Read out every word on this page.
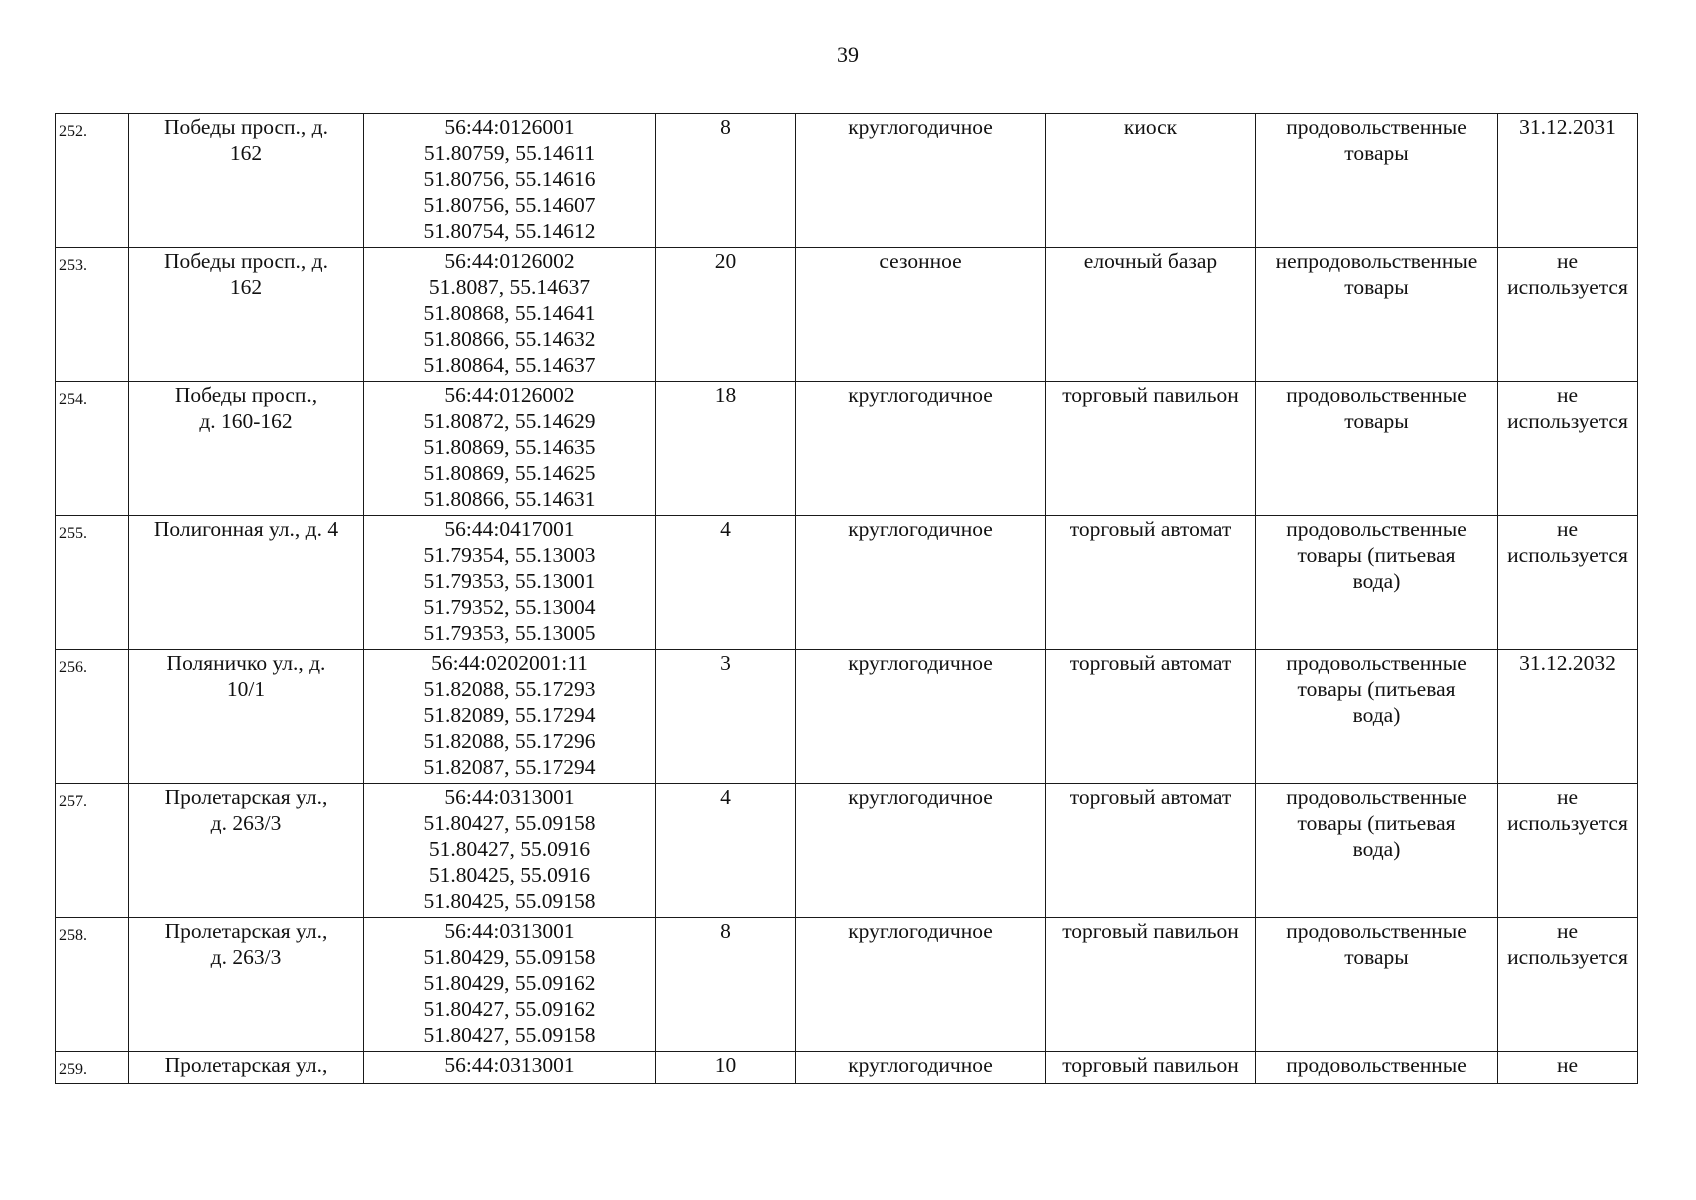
39
252.	Победы просп., д.
162	56:44:0126001
51.80759, 55.14611
51.80756, 55.14616
51.80756, 55.14607
51.80754, 55.14612	8	круглогодичное	киоск	продовольственные
товары	31.12.2031

253.	Победы просп., д.
162	56:44:0126002
51.8087, 55.14637
51.80868, 55.14641
51.80866, 55.14632
51.80864, 55.14637	20	сезонное	елочный базар	непродовольственные
товары	не
используется

254.	Победы просп.,
д. 160-162	56:44:0126002
51.80872, 55.14629
51.80869, 55.14635
51.80869, 55.14625
51.80866, 55.14631	18	круглогодичное	торговый павильон	продовольственные
товары	не
используется

255.	Полигонная ул., д. 4	56:44:0417001
51.79354, 55.13003
51.79353, 55.13001
51.79352, 55.13004
51.79353, 55.13005	4	круглогодичное	торговый автомат	продовольственные
товары (питьевая
вода)	не
используется

256.	Поляничко ул., д.
10/1	56:44:0202001:11
51.82088, 55.17293
51.82089, 55.17294
51.82088, 55.17296
51.82087, 55.17294	3	круглогодичное	торговый автомат	продовольственные
товары (питьевая
вода)	31.12.2032

257.	Пролетарская ул.,
д. 263/3	56:44:0313001
51.80427, 55.09158
51.80427, 55.0916
51.80425, 55.0916
51.80425, 55.09158	4	круглогодичное	торговый автомат	продовольственные
товары (питьевая
вода)	не
используется

258.	Пролетарская ул.,
д. 263/3	56:44:0313001
51.80429, 55.09158
51.80429, 55.09162
51.80427, 55.09162
51.80427, 55.09158	8	круглогодичное	торговый павильон	продовольственные
товары	не
используется

259.	Пролетарская ул.,	56:44:0313001	10	круглогодичное	торговый павильон	продовольственные	не
